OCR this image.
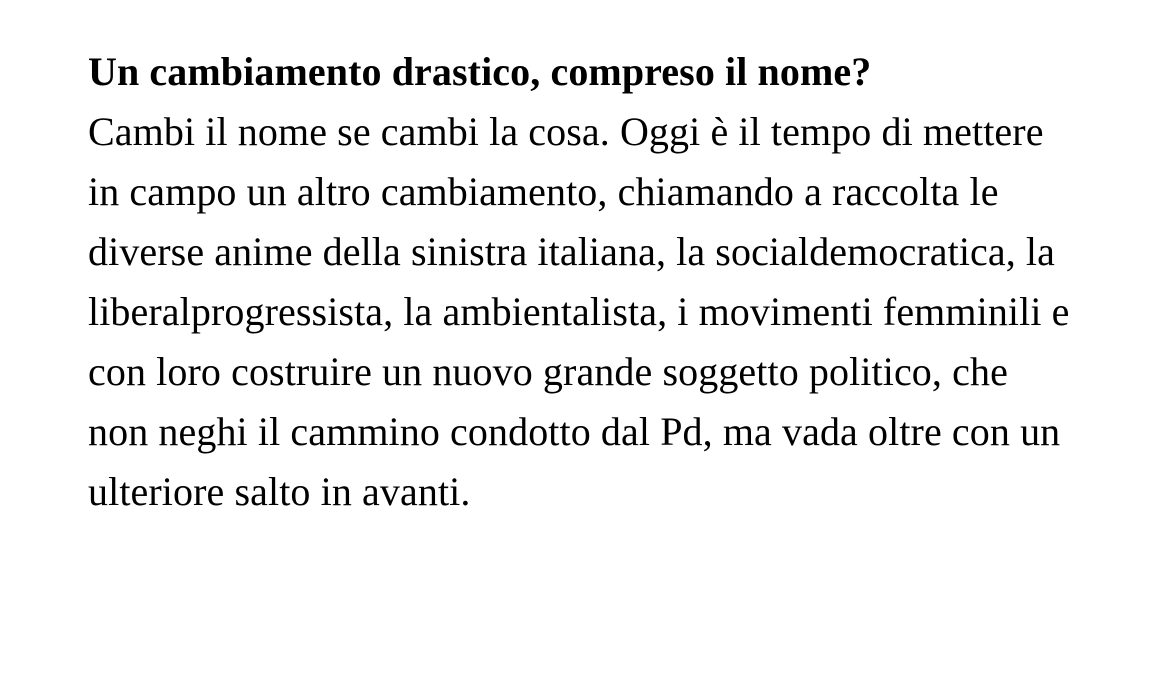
Un cambiamento drastico, compreso il nome?
Cambi il nome se cambi la cosa. Oggi è il tempo di mettere in campo un altro cambiamento, chiamando a raccolta le diverse anime della sinistra italiana, la socialdemocratica, la liberalprogressista, la ambientalista, i movimenti femminili e con loro costruire un nuovo grande soggetto politico, che non neghi il cammino condotto dal Pd, ma vada oltre con un ulteriore salto in avanti.
